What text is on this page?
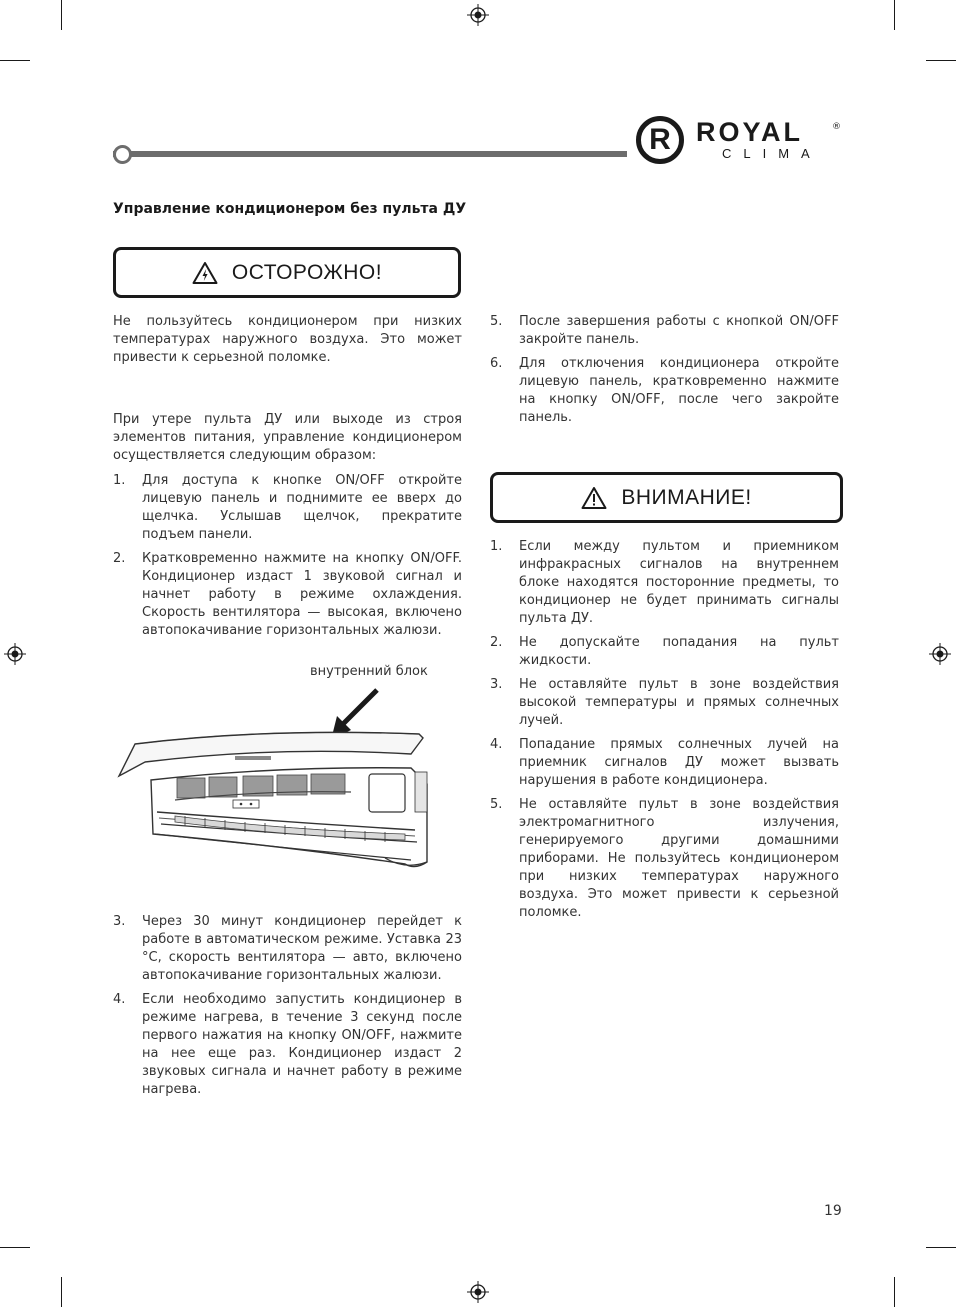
R ROYAL	®
CLIMA
Управление кондиционером без пульта ДУ
ОСТОРОЖНО!

Не пользуйтесь кондиционером при низких температурах наружного воздуха. Это может привести к серьезной поломке.

При утере пульта ДУ или выходе из строя элементов питания, управление кондиционером осуществляется следующим образом:

1.	Для доступа к кнопке ON/OFF откройте лицевую панель и поднимите ее вверх до щелчка. Услышав щелчок, прекратите подъем панели.
2.	Кратковременно нажмите на кнопку ON/OFF. Кондиционер издаст 1 звуковой сигнал и начнет работу в режиме охлаждения. Скорость вентилятора — высокая, включено автопокачивание горизонтальных жалюзи.
внутренний блок
3.	Через 30 минут кондиционер перейдет к работе в автоматическом режиме. Уставка 23 °С, скорость вентилятора — авто, включено автопокачивание горизонтальных жалюзи.
4.	Если необходимо запустить кондиционер в режиме нагрева, в течение 3 секунд после первого нажатия на кнопку ON/OFF, нажмите на нее еще раз. Кондиционер издаст 2 звуковых сигнала и начнет работу в режиме нагрева.
5.	После завершения работы с кнопкой ON/OFF закройте панель.
6.	Для отключения кондиционера откройте лицевую панель, кратковременно нажмите на кнопку ON/OFF, после чего закройте панель.
ВНИМАНИЕ!
1.	Если между пультом и приемником инфракрасных сигналов на внутреннем блоке находятся посторонние предметы, то кондиционер не будет принимать сигналы пульта ДУ.
2.	Не допускайте попадания на пульт жидкости.
3.	Не оставляйте пульт в зоне воздействия высокой температуры и прямых солнечных лучей.
4.	Попадание прямых солнечных лучей на приемник сигналов ДУ может вызвать нарушения в работе кондиционера.
5.	Не оставляйте пульт в зоне воздействия электромагнитного излучения, генерируемого другими домашними приборами. Не пользуйтесь кондиционером при низких температурах наружного воздуха. Это может привести к серьезной поломке.
19
